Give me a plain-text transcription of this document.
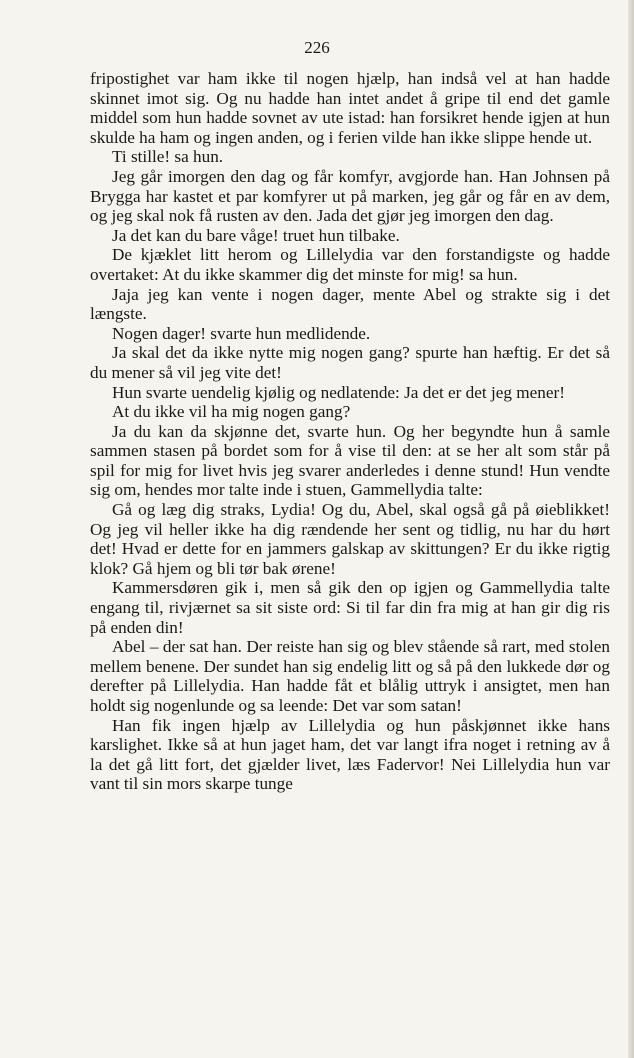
226

fripostighet var ham ikke til nogen hjælp, han indså vel at han hadde skinnet imot sig. Og nu hadde han intet andet å gripe til end det gamle middel som hun hadde sovnet av ute istad: han forsikret hende igjen at hun skulde ha ham og ingen anden, og i ferien vilde han ikke slippe hende ut.

Ti stille! sa hun.

Jeg går imorgen den dag og får komfyr, avgjorde han. Han Johnsen på Brygga har kastet et par komfyrer ut på marken, jeg går og får en av dem, og jeg skal nok få rusten av den. Jada det gjør jeg imorgen den dag.

Ja det kan du bare våge! truet hun tilbake.

De kjæklet litt herom og Lillelydia var den forstandigste og hadde overtaket: At du ikke skammer dig det minste for mig! sa hun.

Jaja jeg kan vente i nogen dager, mente Abel og strakte sig i det længste.

Nogen dager! svarte hun medlidende.

Ja skal det da ikke nytte mig nogen gang? spurte han hæftig. Er det så du mener så vil jeg vite det!

Hun svarte uendelig kjølig og nedlatende: Ja det er det jeg mener!

At du ikke vil ha mig nogen gang?

Ja du kan da skjønne det, svarte hun. Og her begyndte hun å samle sammen stasen på bordet som for å vise til den: at se her alt som står på spil for mig for livet hvis jeg svarer anderledes i denne stund! Hun vendte sig om, hendes mor talte inde i stuen, Gammellydia talte:

Gå og læg dig straks, Lydia! Og du, Abel, skal også gå på øieblikket! Og jeg vil heller ikke ha dig rændende her sent og tidlig, nu har du hørt det! Hvad er dette for en jammers galskap av skittungen? Er du ikke rigtig klok? Gå hjem og bli tør bak ørene!

Kammersdøren gik i, men så gik den op igjen og Gammellydia talte engang til, rivjærnet sa sit siste ord: Si til far din fra mig at han gir dig ris på enden din!

Abel – der sat han. Der reiste han sig og blev stående så rart, med stolen mellem benene. Der sundet han sig endelig litt og så på den lukkede dør og derefter på Lillelydia. Han hadde fåt et blålig uttryk i ansigtet, men han holdt sig nogenlunde og sa leende: Det var som satan!

Han fik ingen hjælp av Lillelydia og hun påskjønnet ikke hans karslighet. Ikke så at hun jaget ham, det var langt ifra noget i retning av å la det gå litt fort, det gjælder livet, læs Fadervor! Nei Lillelydia hun var vant til sin mors skarpe tunge
